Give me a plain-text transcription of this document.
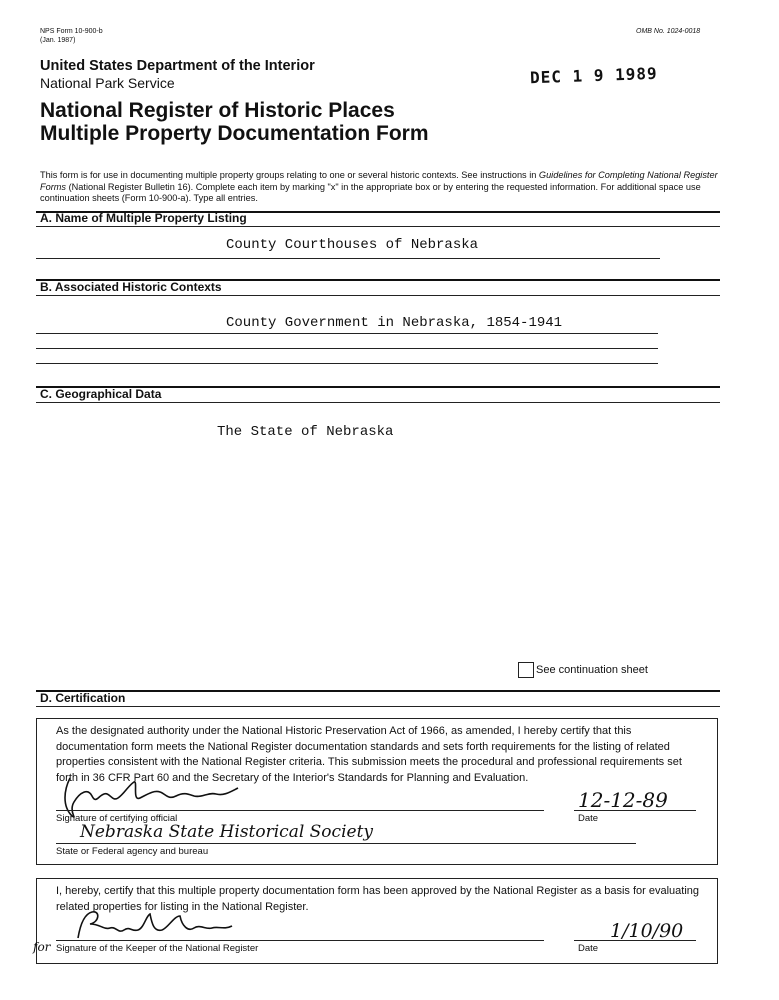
NPS Form 10-900-b
(Jan. 1987)
OMB No. 1024-0018
United States Department of the Interior
National Park Service	DEC 1 9 1989
National Register of Historic Places
Multiple Property Documentation Form
This form is for use in documenting multiple property groups relating to one or several historic contexts. See instructions in Guidelines for Completing National Register Forms (National Register Bulletin 16). Complete each item by marking "x" in the appropriate box or by entering the requested information. For additional space use continuation sheets (Form 10-900-a). Type all entries.
A. Name of Multiple Property Listing
County Courthouses of Nebraska
B. Associated Historic Contexts
County Government in Nebraska, 1854-1941
C. Geographical Data
The State of Nebraska
See continuation sheet
D. Certification
As the designated authority under the National Historic Preservation Act of 1966, as amended, I hereby certify that this documentation form meets the National Register documentation standards and sets forth requirements for the listing of related properties consistent with the National Register criteria. This submission meets the procedural and professional requirements set forth in 36 CFR Part 60 and the Secretary of the Interior's Standards for Planning and Evaluation.
12-12-89
Signature of certifying official	Date
Nebraska State Historical Society
State or Federal agency and bureau
I, hereby, certify that this multiple property documentation form has been approved by the National Register as a basis for evaluating related properties for listing in the National Register.
for
1/10/90
Signature of the Keeper of the National Register	Date
